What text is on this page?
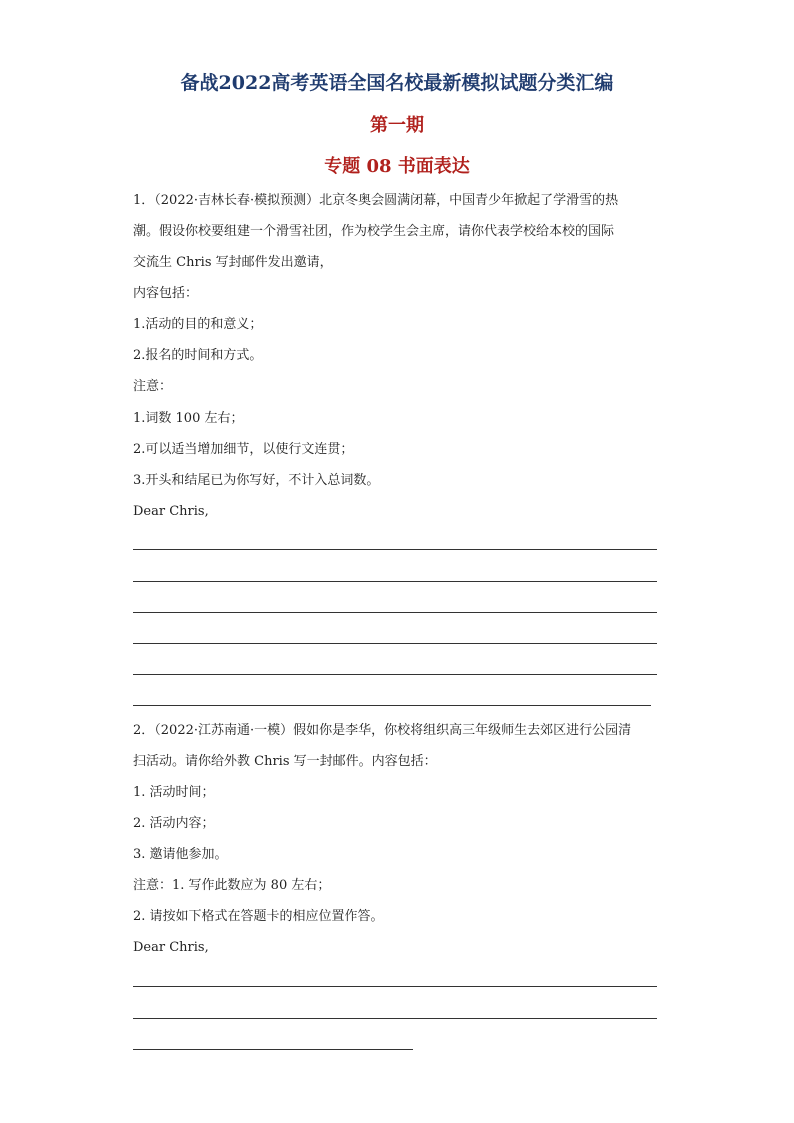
备战2022高考英语全国名校最新模拟试题分类汇编
第一期
专题 08 书面表达
1．（2022·吉林长春·模拟预测）北京冬奥会圆满闭幕，中国青少年掀起了学滑雪的热
潮。假设你校要组建一个滑雪社团，作为校学生会主席，请你代表学校给本校的国际
交流生 Chris 写封邮件发出邀请，
内容包括：
1.活动的目的和意义；
2.报名的时间和方式。
注意：
1.词数 100 左右；
2.可以适当增加细节，以使行文连贯；
3.开头和结尾已为你写好，不计入总词数。
Dear Chris,
2．（2022·江苏南通·一模）假如你是李华，你校将组织高三年级师生去郊区进行公园清
扫活动。请你给外教 Chris 写一封邮件。内容包括：
1. 活动时间；
2. 活动内容；
3. 邀请他参加。
注意：1. 写作此数应为 80 左右；
2. 请按如下格式在答题卡的相应位置作答。
Dear Chris,
